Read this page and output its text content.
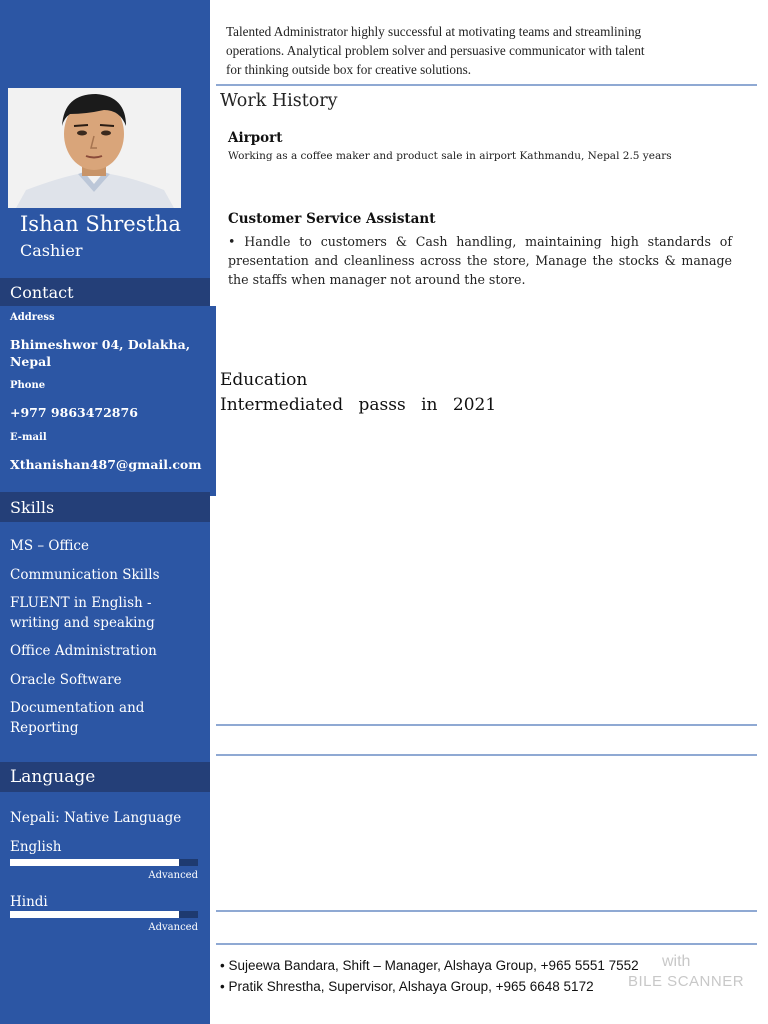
Ishan Shrestha
Cashier
Contact
Address
Bhimeshwor 04, Dolakha,
Nepal
Phone
+977 9863472876
E-mail
Xthanishan487@gmail.com
Skills
MS – Office
Communication Skills
FLUENT in English -
writing and speaking
Office Administration
Oracle Software
Documentation and
Reporting
Language
Nepali: Native Language
English
Advanced
Hindi
Advanced
Talented Administrator highly successful at motivating teams and streamlining
operations. Analytical problem solver and persuasive communicator with talent
for thinking outside box for creative solutions.
Work History
Airport
Working as a coffee maker and product sale in airport Kathmandu, Nepal 2.5 years
Customer Service Assistant
• Handle to customers & Cash handling, maintaining high standards of presentation and cleanliness across the store, Manage the stocks & manage the staffs when manager not around the store.
Education
Intermediated passs in 2021
• Sujeewa Bandara, Shift – Manager, Alshaya Group, +965 5551 7552
• Pratik Shrestha, Supervisor, Alshaya Group, +965 6648 5172
with
BILE SCANNER
